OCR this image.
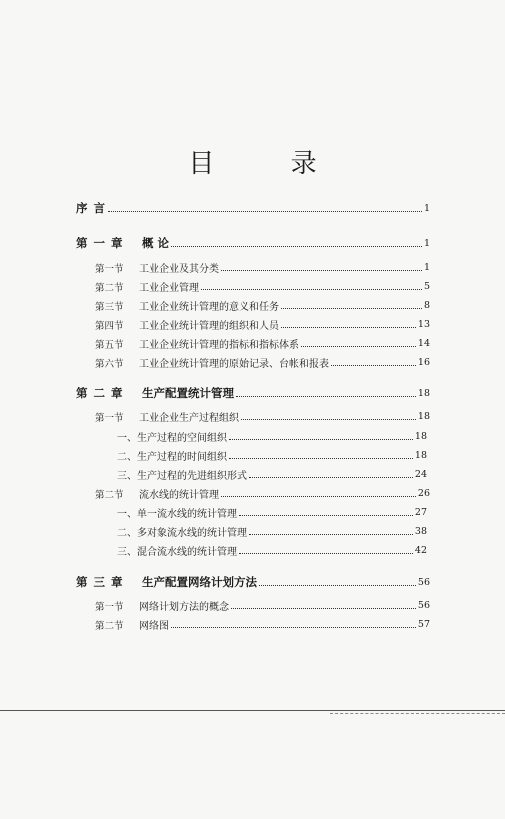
目 录
序 言	1
第 一 章 概 论	1
第一节 工业企业及其分类	1
第二节 工业企业管理	5
第三节 工业企业统计管理的意义和任务	8
第四节 工业企业统计管理的组织和人员	13
第五节 工业企业统计管理的指标和指标体系	14
第六节 工业企业统计管理的原始记录、台帐和报表	16
第 二 章 生产配置统计管理	18
第一节 工业企业生产过程组织	18
一、生产过程的空间组织	18
二、生产过程的时间组织	18
三、生产过程的先进组织形式	24
第二节 流水线的统计管理	26
一、单一流水线的统计管理	27
二、多对象流水线的统计管理	38
三、混合流水线的统计管理	42
第 三 章 生产配置网络计划方法	56
第一节 网络计划方法的概念	56
第二节 网络图	57
